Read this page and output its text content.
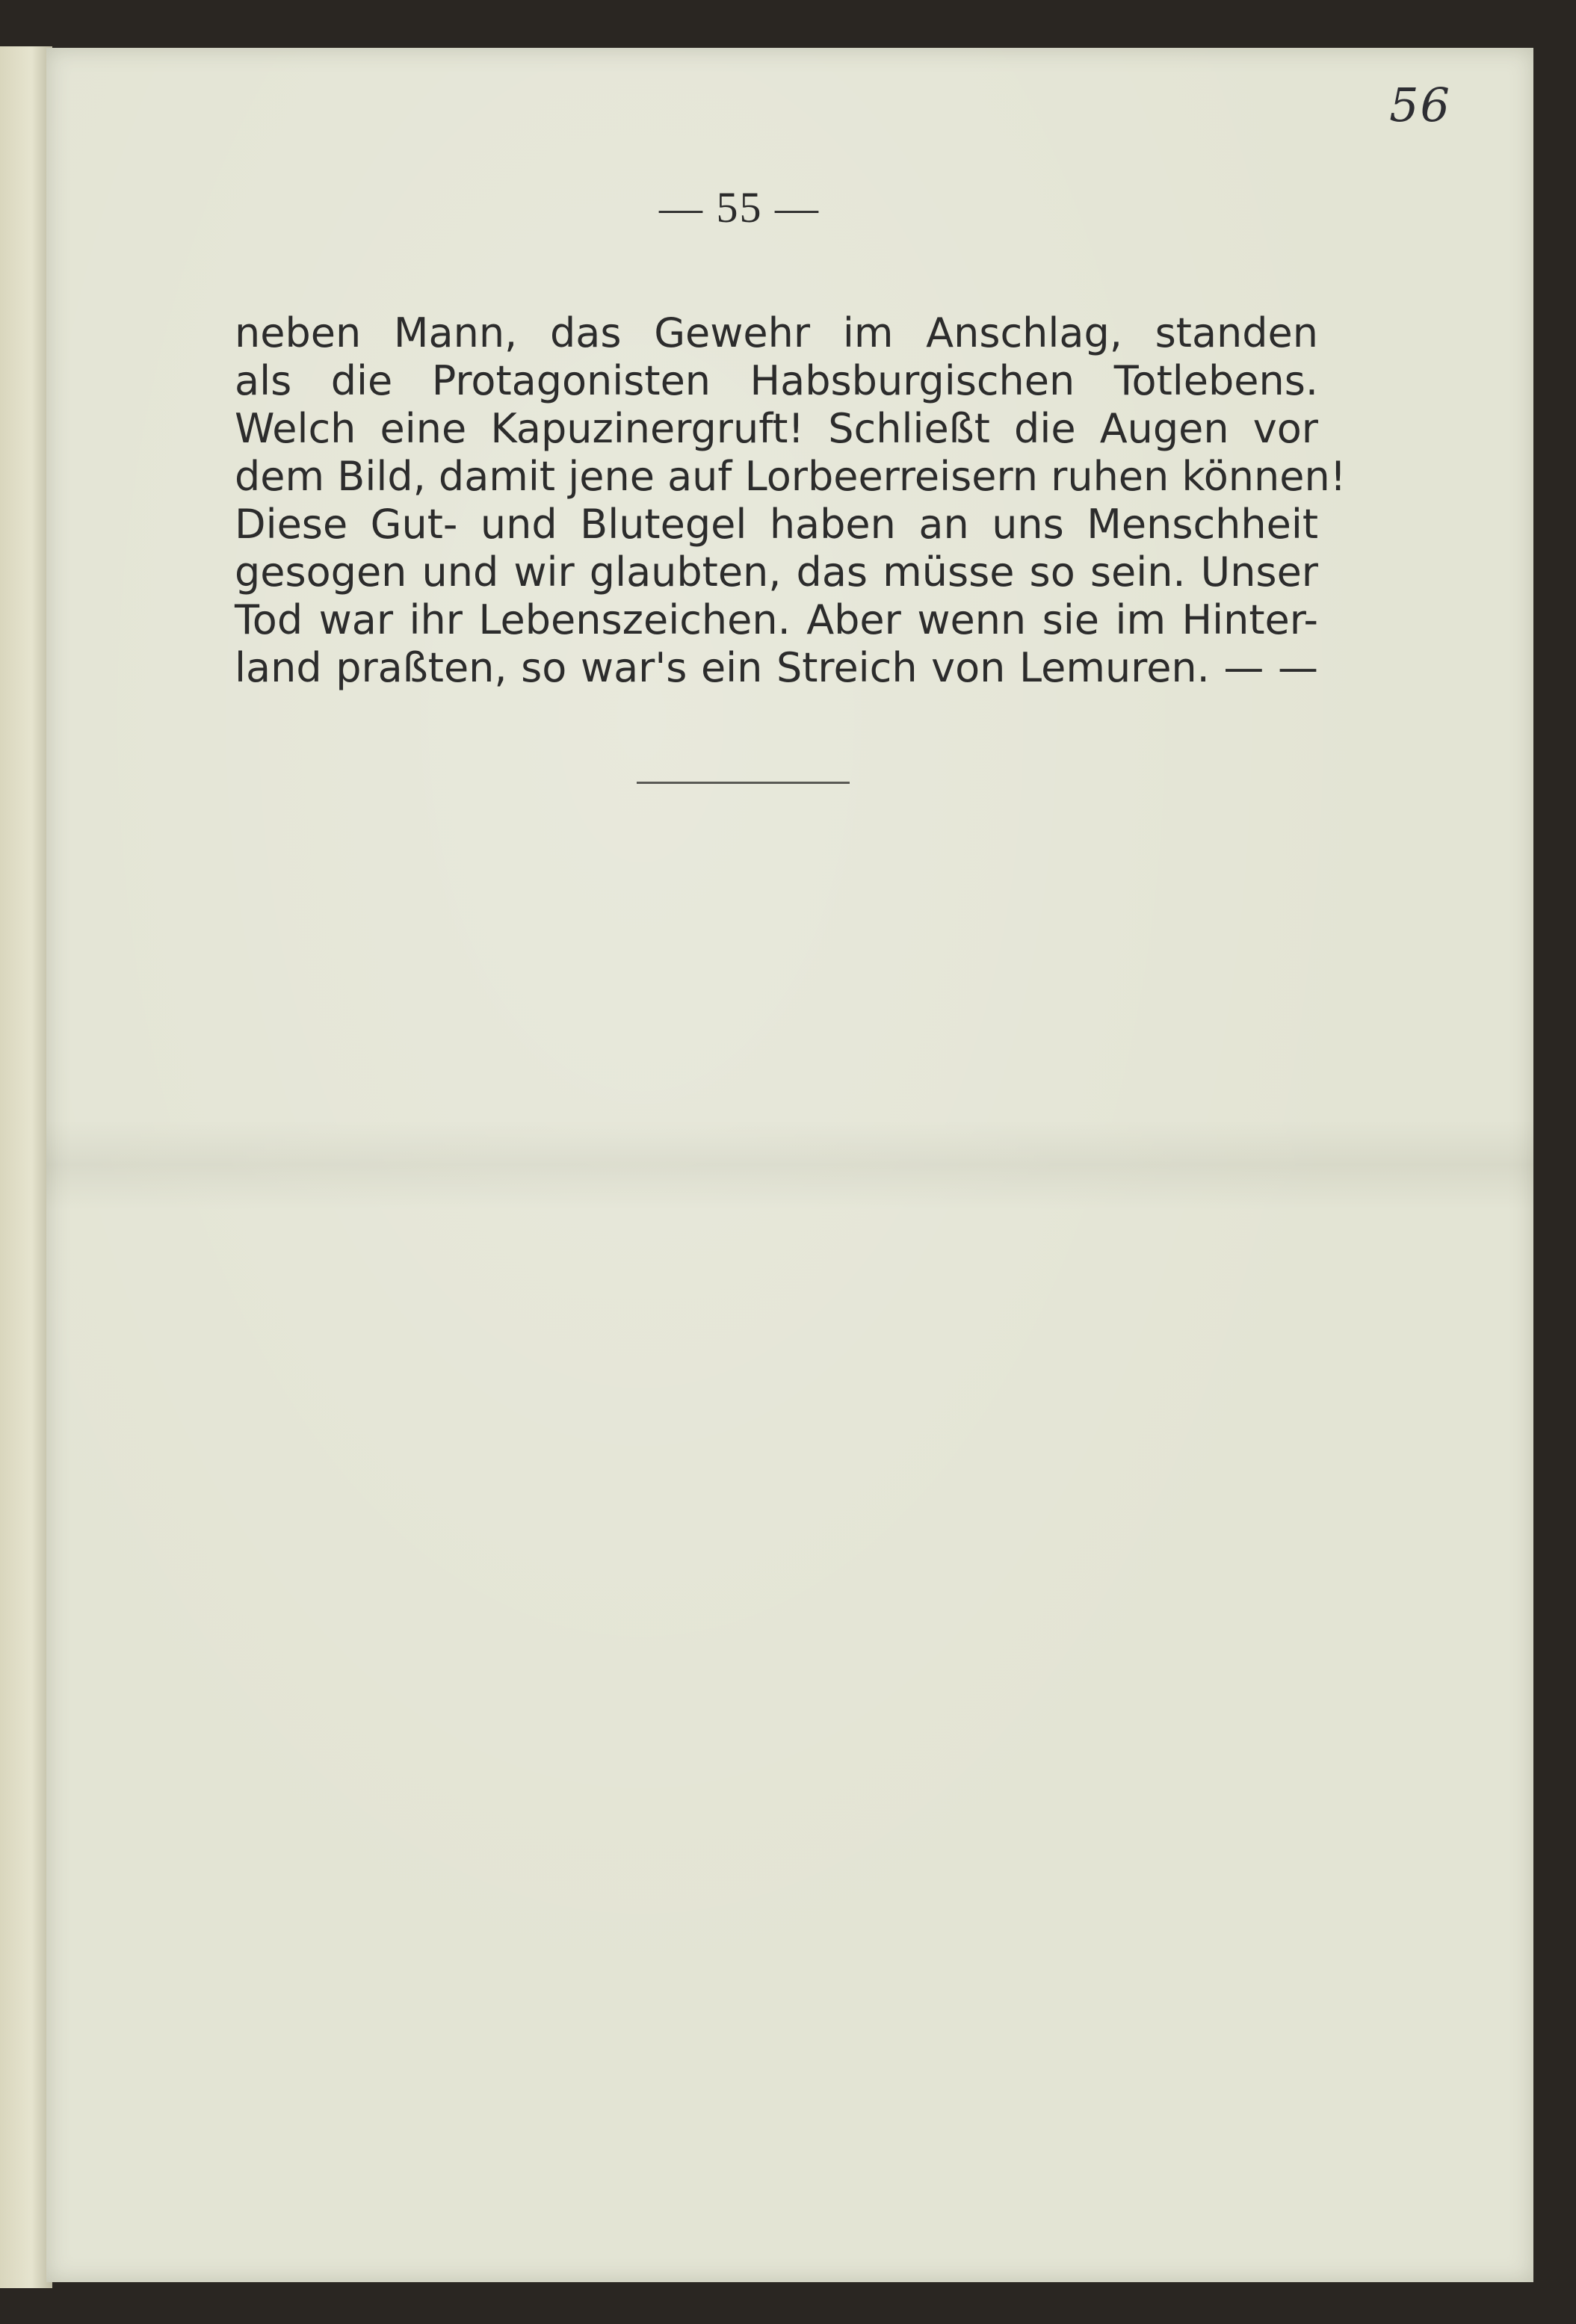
56
— 55 —
neben Mann, das Gewehr im Anschlag, standen
als die Protagonisten Habsburgischen Totlebens.
Welch eine Kapuzinergruft! Schließt die Augen vor
dem Bild, damit jene auf Lorbeerreisern ruhen können!
Diese Gut- und Blutegel haben an uns Menschheit
gesogen und wir glaubten, das müsse so sein. Unser
Tod war ihr Lebenszeichen. Aber wenn sie im Hinter-
land praßten, so war's ein Streich von Lemuren. — —
